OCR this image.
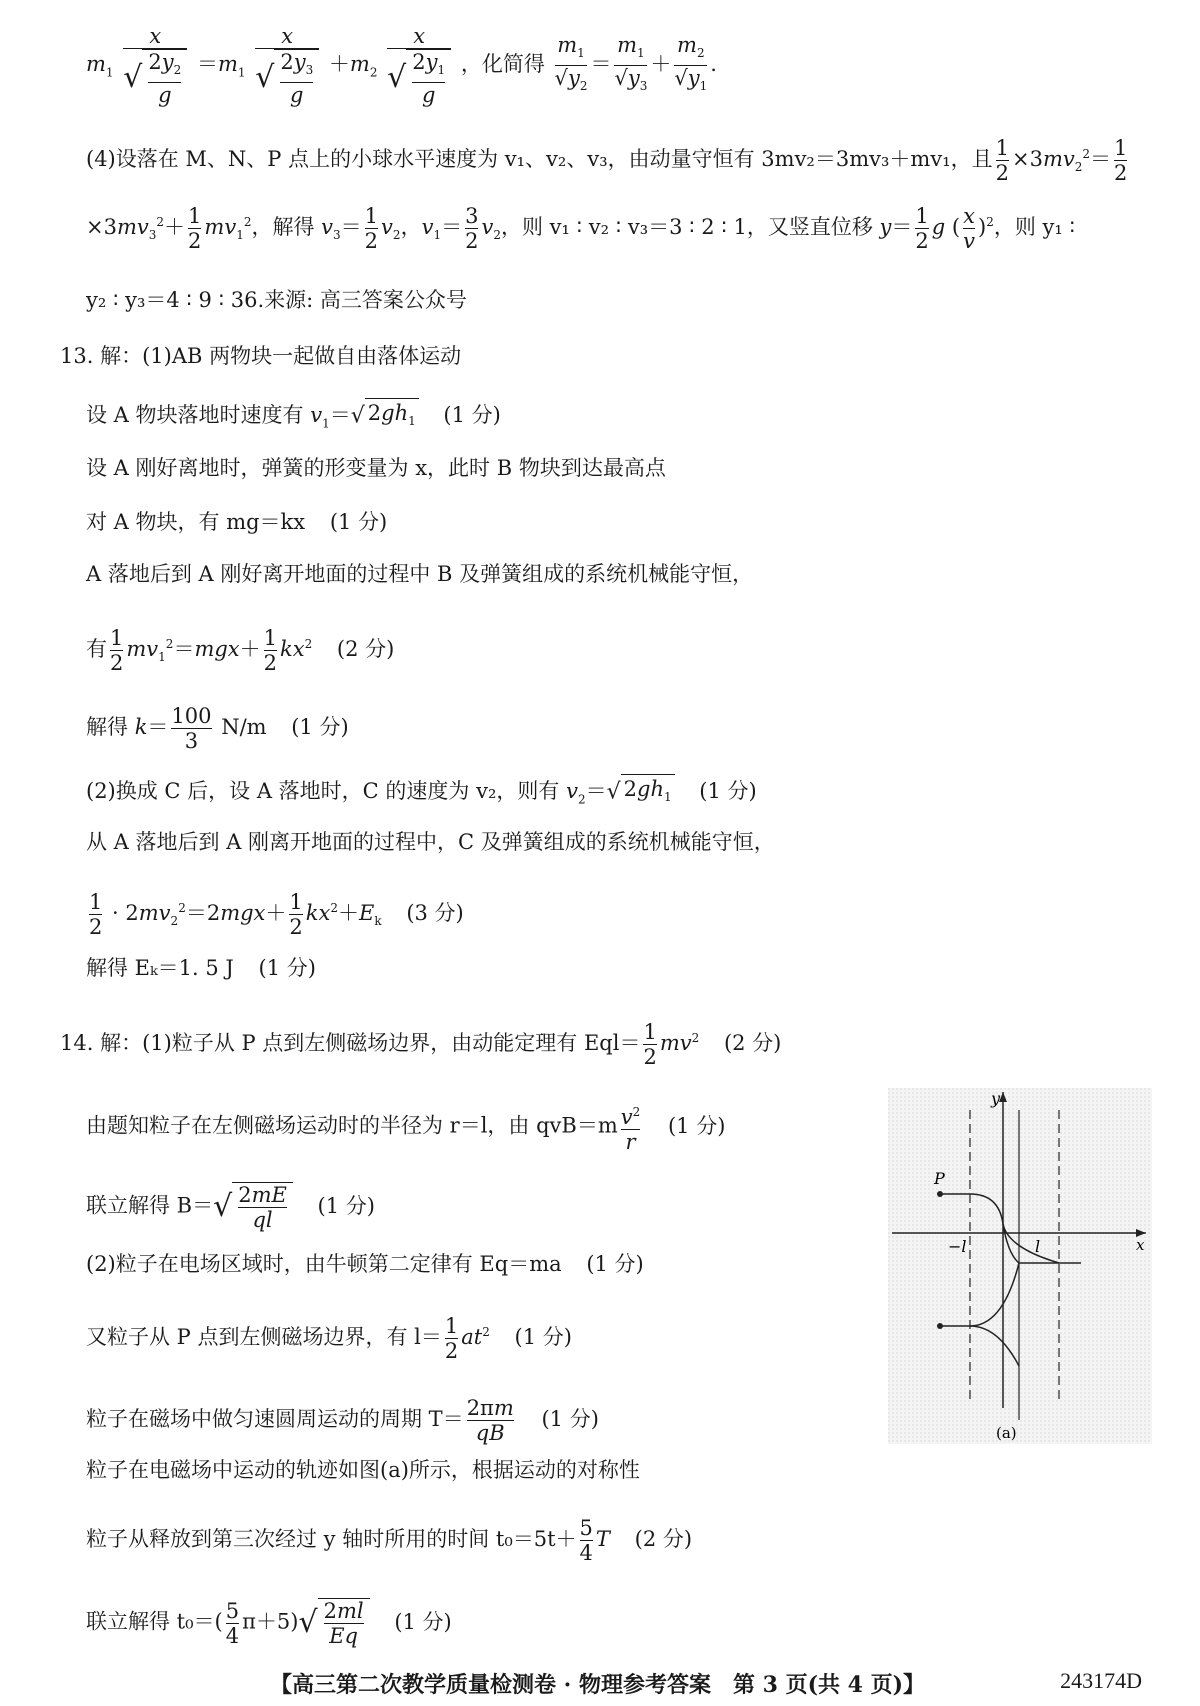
$m_1 \frac{x}{√ \frac{2y_2}{g}} =m_1 \frac{x}{√ \frac{2y_3}{g}} +m_2 \frac{x}{√ \frac{2y_1}{g}}$ ，化简得 $\frac{m_1}{√y_2} = \frac{m_1}{√y_3} + \frac{m_2}{√y_1}$ .
(4)设落在 M、N、P 点上的小球水平速度为 v₁、v₂、v₃，由动量守恒有 3mv₂＝3mv₃＋mv₁，且 $\frac{1}{2} \times 3mv_2^2= \frac{1}{2}$
$\times 3mv_3^2+ \frac{1}{2} mv_1^2$，解得 $v_3= \frac{1}{2} v_2$，$v_1= \frac{3}{2} v_2$，则 v₁ ∶ v₂ ∶ v₃＝3 ∶ 2 ∶ 1，又竖直位移 $y= \frac{1}{2}$ g ( $\frac{x}{v} )^2$，则 y₁ ∶
y₂ ∶ y₃＝4 ∶ 9 ∶ 36.来源: 高三答案公众号
13. 解：(1)AB 两物块一起做自由落体运动
设 A 物块落地时速度有 $v_1=√$ $2gh_1$ (1 分)
设 A 刚好离地时，弹簧的形变量为 x，此时 B 物块到达最高点
对 A 物块，有 mg＝kx (1 分)
A 落地后到 A 刚好离开地面的过程中 B 及弹簧组成的系统机械能守恒，
有 $\frac{1}{2} mv_1^2=mgx+ \frac{1}{2} kx^2$ (2 分)
解得 $k= \frac{100}{3} N/m$ (1 分)
(2)换成 C 后，设 A 落地时，C 的速度为 v₂，则有 $v_2=√$ $2gh_1$ (1 分)
从 A 落地后到 A 刚离开地面的过程中，C 及弹簧组成的系统机械能守恒，
$\frac{1}{2} \cdot 2mv_2^2=2mgx+ \frac{1}{2} kx^2+E_k$ (3 分)
解得 Eₖ＝1. 5 J (1 分)
14. 解：(1)粒子从 P 点到左侧磁场边界，由动能定理有 $Eql= \frac{1}{2} mv^2$ (2 分)
由题知粒子在左侧磁场运动时的半径为 r＝l，由 $qvB=m \frac{v^2}{r} (1$ 分)
联立解得 $B=√ \frac{2mE}{ql} (1$ 分)
(2)粒子在电场区域时，由牛顿第二定律有 Eq＝ma (1 分)
又粒子从 P 点到左侧磁场边界，有 $l= \frac{1}{2} at^2$ (1 分)
粒子在磁场中做匀速圆周运动的周期 $T= \frac{2\pi m}{qB} (1$ 分)
粒子在电磁场中运动的轨迹如图(a)所示，根据运动的对称性
粒子从释放到第三次经过 y 轴时所用的时间 $t_0=5t+ \frac{5}{4}$ T (2 分)
联立解得 $t_0=( \frac{5}{4} \pi+5)√ \frac{2ml}{Eq} (1$ 分)
y
x
P
−l	l
(a)
【高三第二次教学质量检测卷 · 物理参考答案　第 3 页(共 4 页)】	243174D
